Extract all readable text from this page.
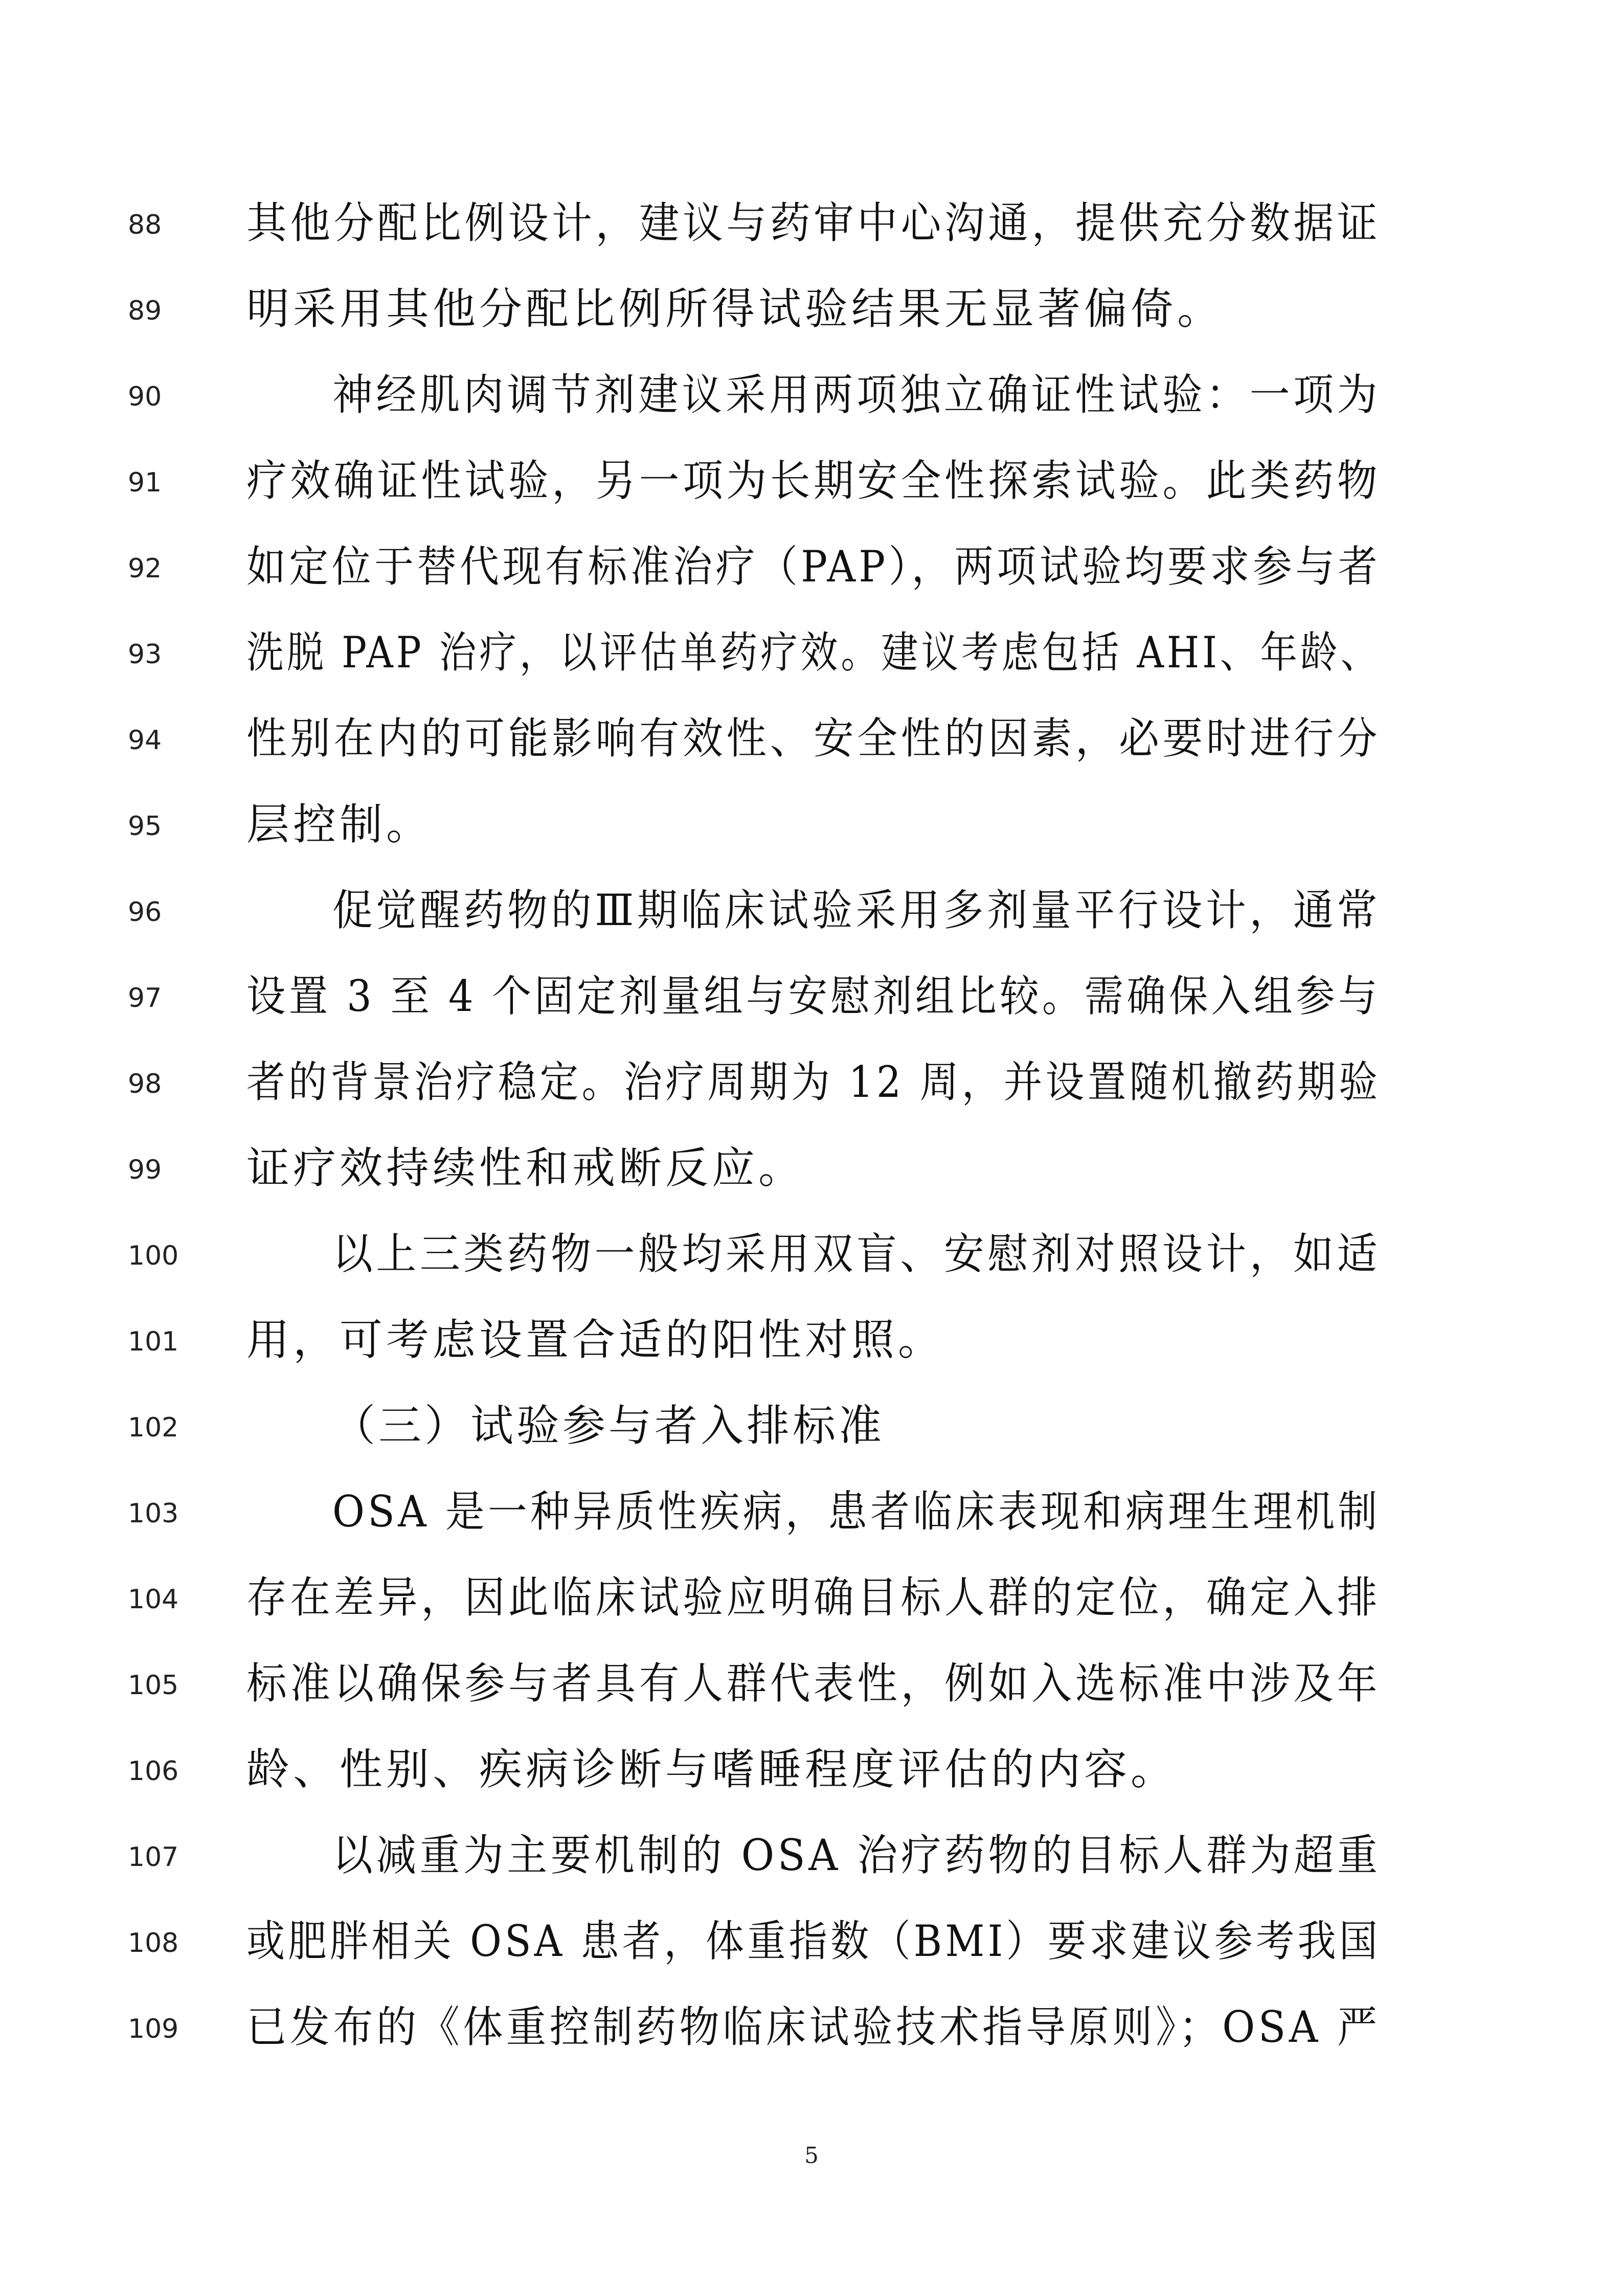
88	其他分配比例设计，建议与药审中心沟通，提供充分数据证
89	明采用其他分配比例所得试验结果无显著偏倚。
90	神经肌肉调节剂建议采用两项独立确证性试验：一项为
91	疗效确证性试验，另一项为长期安全性探索试验。此类药物
92	如定位于替代现有标准治疗（PAP），两项试验均要求参与者
93	洗脱 PAP 治疗，以评估单药疗效。建议考虑包括 AHI、年龄、
94	性别在内的可能影响有效性、安全性的因素，必要时进行分
95	层控制。
96	促觉醒药物的Ⅲ期临床试验采用多剂量平行设计，通常
97	设置 3 至 4 个固定剂量组与安慰剂组比较。需确保入组参与
98	者的背景治疗稳定。治疗周期为 12 周，并设置随机撤药期验
99	证疗效持续性和戒断反应。
100	以上三类药物一般均采用双盲、安慰剂对照设计，如适
101	用，可考虑设置合适的阳性对照。
102	（三）试验参与者入排标准
103	OSA 是一种异质性疾病，患者临床表现和病理生理机制
104	存在差异，因此临床试验应明确目标人群的定位，确定入排
105	标准以确保参与者具有人群代表性，例如入选标准中涉及年
106	龄、性别、疾病诊断与嗜睡程度评估的内容。
107	以减重为主要机制的 OSA 治疗药物的目标人群为超重
108	或肥胖相关 OSA 患者，体重指数（BMI）要求建议参考我国
109	已发布的《体重控制药物临床试验技术指导原则》；OSA 严
5
